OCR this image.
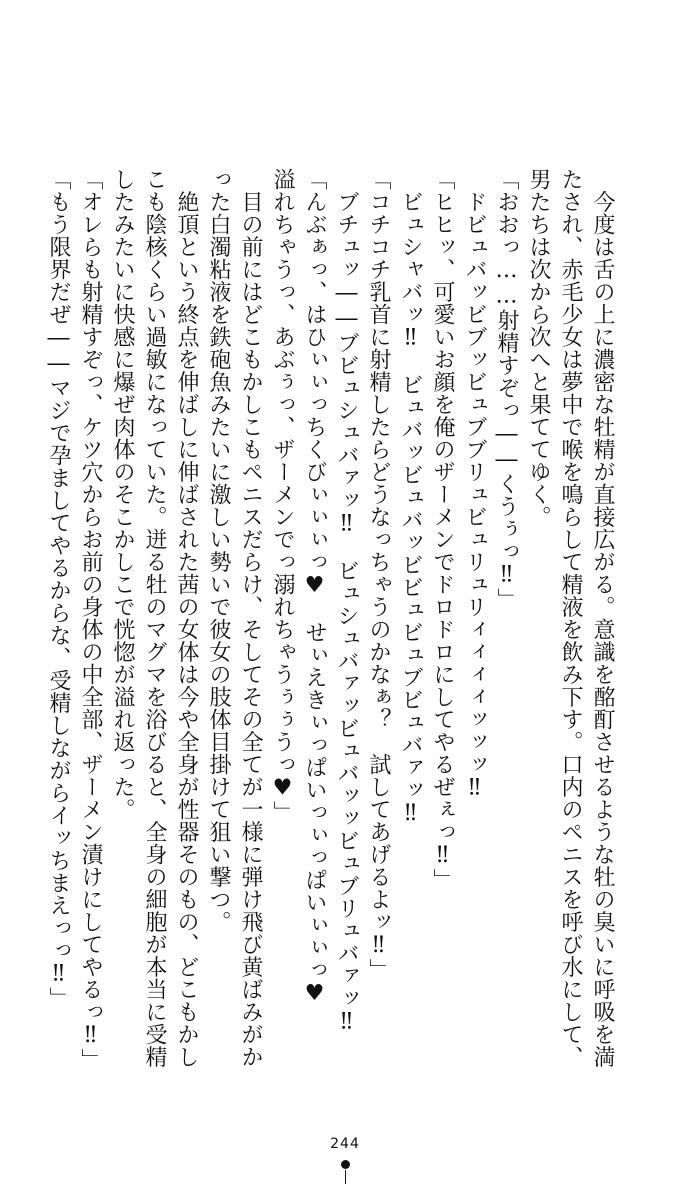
　今度は舌の上に濃密な牡精が直接広がる。意識を酩酊させるような牡の臭いに呼吸を満
たされ、赤毛少女は夢中で喉を鳴らして精液を飲み下す。口内のペニスを呼び水にして、
男たちは次から次へと果ててゆく。
「おおっ……射精すぞっ――くうぅっ‼」
　ドビュバッビブッビュブブリュビュリュリィィィィッッッ‼
「ヒヒッ、可愛いお顔を俺のザーメンでドロドロにしてやるぜぇっ‼」
　ビュシャバッ‼　ビュバッビュバッビビュビュブビュバァッ‼
「コチコチ乳首に射精したらどうなっちゃうのかなぁ？　試してあげるよッ‼」
　ブチュッ――ブビュシュバァッ‼　ビュシュバァッビュバッッビュブリュバァッ‼
「んぶぁっ、はひぃぃっちくびぃぃぃっ♥　せぃえきぃっぱいっぃっぱいぃぃっ♥
溢れちゃうっ、あぶぅっ、ザーメンでっ溺れちゃうぅぅうっ♥」
　目の前にはどこもかしこもペニスだらけ、そしてその全てが一様に弾け飛び黄ばみがか
った白濁粘液を鉄砲魚みたいに激しい勢いで彼女の肢体目掛けて狙い撃つ。
　絶頂という終点を伸ばしに伸ばされた茜の女体は今や全身が性器そのもの、どこもかし
こも陰核くらい過敏になっていた。迸る牡のマグマを浴びると、全身の細胞が本当に受精
したみたいに快感に爆ぜ肉体のそこかしこで恍惚が溢れ返った。
「オレらも射精すぞっ、ケツ穴からお前の身体の中全部、ザーメン漬けにしてやるっ‼」
「もう限界だぜ――マジで孕ましてやるからな、受精しながらイッちまえっっ‼」
244
